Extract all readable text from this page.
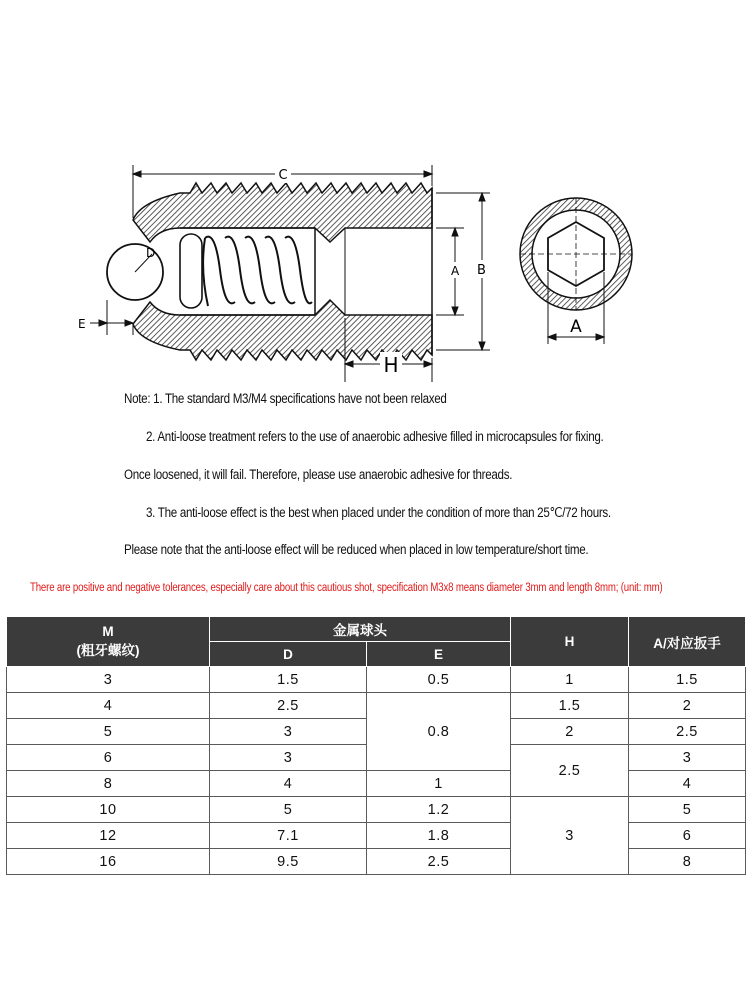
C
D
E
A B
H
A
Note: 1. The standard M3/M4 specifications have not been relaxed
2. Anti-loose treatment refers to the use of anaerobic adhesive filled in microcapsules for fixing.
Once loosened, it will fail. Therefore, please use anaerobic adhesive for threads.
3. The anti-loose effect is the best when placed under the condition of more than 25℃/72 hours.
Please note that the anti-loose effect will be reduced when placed in low temperature/short time.
There are positive and negative tolerances, especially care about this cautious shot, specification M3x8 means diameter 3mm and length 8mm; (unit: mm)
M
(粗牙螺纹)	金属球头		H	A/对应扳手
	D	E		
3	1.5	0.5	1	1.5
4	2.5	0.8	1.5	2
5	3		2	2.5
6	3		2.5	3
8	4	1		4
10	5	1.2	3	5
12	7.1	1.8		6
16	9.5	2.5		8
